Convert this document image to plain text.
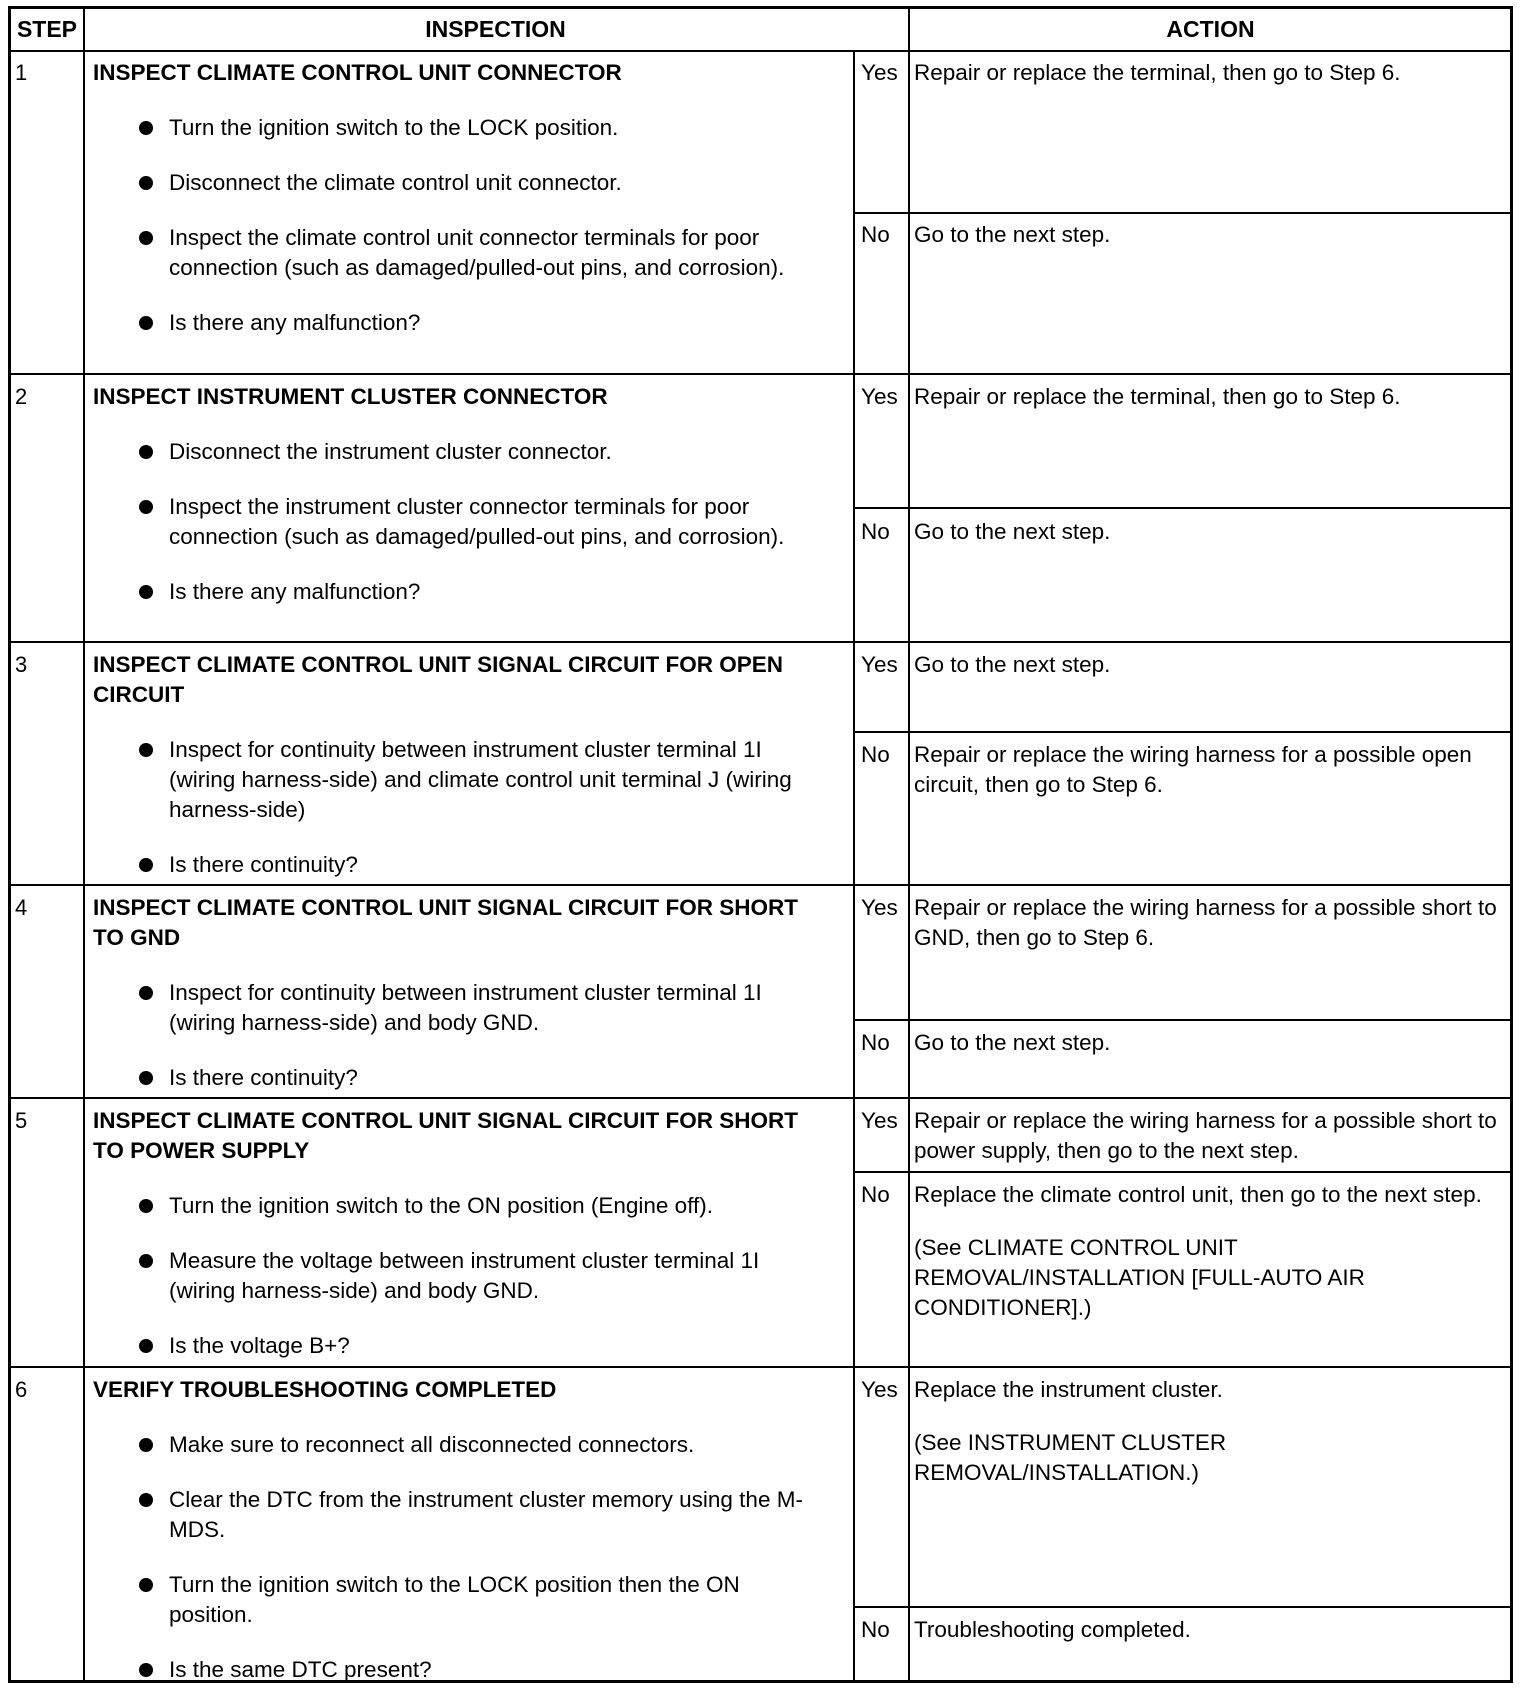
STEP	INSPECTION	ACTION
1	INSPECT CLIMATE CONTROL UNIT CONNECTOR
Turn the ignition switch to the LOCK position.
Disconnect the climate control unit connector.
Inspect the climate control unit connector terminals for poor connection (such as damaged/pulled-out pins, and corrosion).
Is there any malfunction?
Yes Repair or replace the terminal, then go to Step 6.

No	Go to the next step.

2	INSPECT INSTRUMENT CLUSTER CONNECTOR
Disconnect the instrument cluster connector.
Inspect the instrument cluster connector terminals for poor connection (such as damaged/pulled-out pins, and corrosion).
Is there any malfunction?
Yes Repair or replace the terminal, then go to Step 6.

No	Go to the next step.

3	INSPECT CLIMATE CONTROL UNIT SIGNAL CIRCUIT FOR OPEN CIRCUIT
Inspect for continuity between instrument cluster terminal 1I (wiring harness-side) and climate control unit terminal J (wiring harness-side)
Is there continuity?
Yes Go to the next step.

No	Repair or replace the wiring harness for a possible open circuit, then go to Step 6.

4	INSPECT CLIMATE CONTROL UNIT SIGNAL CIRCUIT FOR SHORT TO GND
Inspect for continuity between instrument cluster terminal 1I (wiring harness-side) and body GND.
Is there continuity?
Yes Repair or replace the wiring harness for a possible short to GND, then go to Step 6.

No	Go to the next step.

5	INSPECT CLIMATE CONTROL UNIT SIGNAL CIRCUIT FOR SHORT TO POWER SUPPLY
Turn the ignition switch to the ON position (Engine off).
Measure the voltage between instrument cluster terminal 1I (wiring harness-side) and body GND.
Is the voltage B+?
Yes Repair or replace the wiring harness for a possible short to power supply, then go to the next step.

No	Replace the climate control unit, then go to the next step.

(See CLIMATE CONTROL UNIT REMOVAL/INSTALLATION [FULL-AUTO AIR CONDITIONER].)

6	VERIFY TROUBLESHOOTING COMPLETED
Make sure to reconnect all disconnected connectors.
Clear the DTC from the instrument cluster memory using the M-MDS.
Turn the ignition switch to the LOCK position then the ON position.
Is the same DTC present?
Yes Replace the instrument cluster.

(See INSTRUMENT CLUSTER REMOVAL/INSTALLATION.)

No	Troubleshooting completed.
